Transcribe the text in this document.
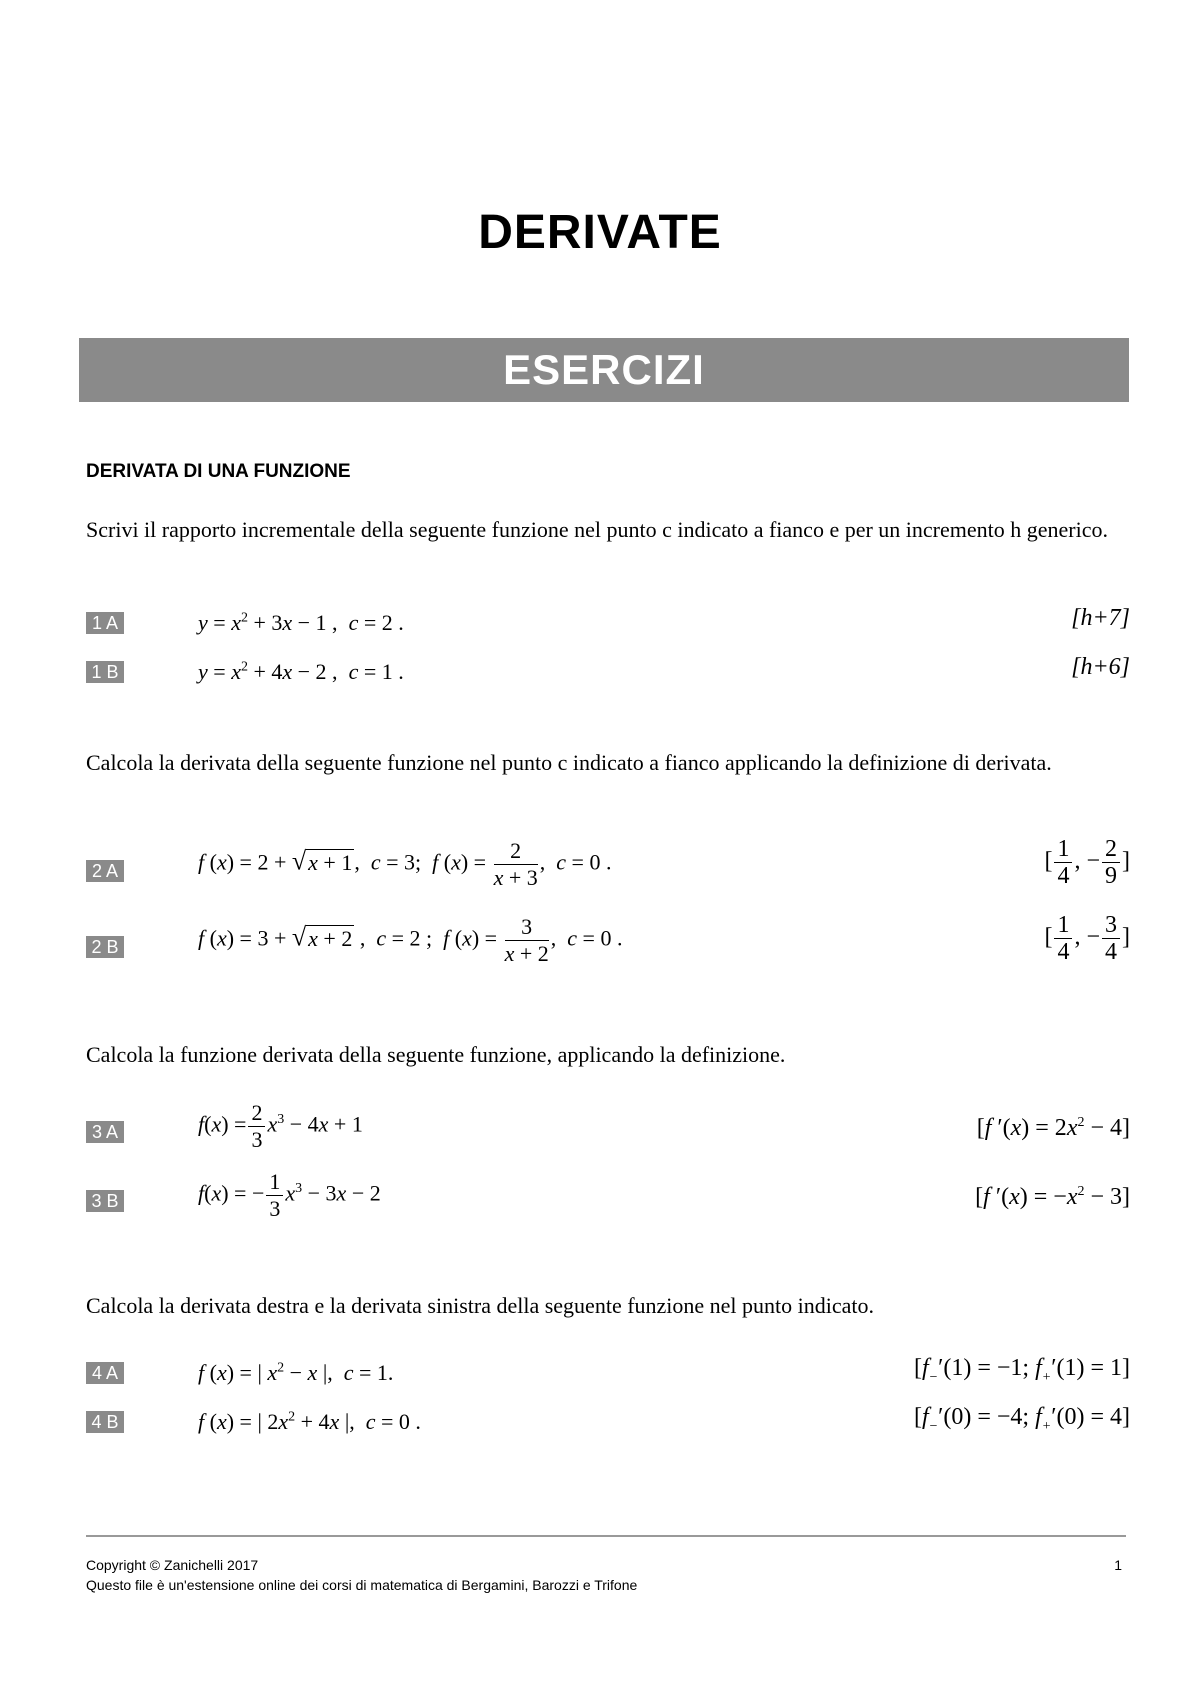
DERIVATE
ESERCIZI
DERIVATA DI UNA FUNZIONE
Scrivi il rapporto incrementale della seguente funzione nel punto c indicato a fianco e per un incremento h generico.
1 A	$y = x^2 + 3x - 1$ ,  c = 2 .	[h+7]
1 B	$y = x^2 + 4x - 2$ ,  c = 1 .	[h+6]
Calcola la derivata della seguente funzione nel punto c indicato a fianco applicando la definizione di derivata.
2 A	f (x) = 2 + √x + 1,  c = 3;  f $(x) = \frac{2}{x + 3}$ ,  c = 0 .	[ $\frac{1}{4}$ , − $\frac{2}{9}$ ]
2 B	f (x) = 3 + √x + 2 ,  c = 2 ;  f $(x) = \frac{3}{x + 2}$ ,  c = 0 .	[ $\frac{1}{4}$ , − $\frac{3}{4}$ ]
Calcola la funzione derivata della seguente funzione, applicando la definizione.
3 A	$f(x) = \frac{2}{3} x^3 - 4x + 1$	[f $'(x) = 2x^2 - 4$]
3 B	f(x) = − $\frac{1}{3} x^3 - 3x - 2$	[f $'(x) = -x^2 - 3$]
Calcola la derivata destra e la derivata sinistra della seguente funzione nel punto indicato.
4 A	f (x) = | $x^2 - x$ |,  c = 1.	[$f_-'(1) = -1$; $f_+'(1) = 1$]
4 B	f (x) = | $2x^2 + 4x$ |,  c = 0 .	[$f_-'(0) = -4$; $f_+'(0) = 4$]
Copyright © Zanichelli 2017
Questo file è un'estensione online dei corsi di matematica di Bergamini, Barozzi e Trifone
1
